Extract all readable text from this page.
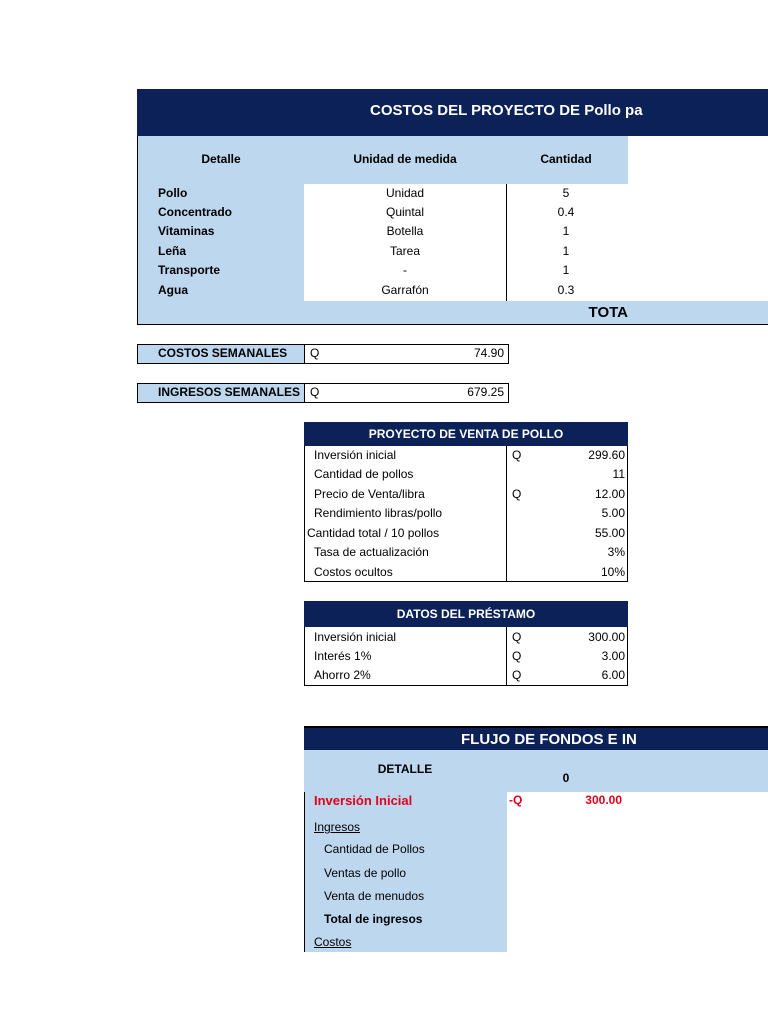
COSTOS DEL PROYECTO DE Pollo pa
Detalle	Unidad de medida	Cantidad
Pollo	Unidad	5
Concentrado	Quintal	0.4
Vitaminas	Botella	1
Leña	Tarea	1
Transporte	-	1
Agua	Garrafón	0.3
TOTA
COSTOS SEMANALES Q	74.90
INGRESOS SEMANALES Q	679.25
PROYECTO DE VENTA DE POLLO
Inversión inicial	Q	299.60
Cantidad de pollos	11
Precio de Venta/libra	Q	12.00
Rendimiento libras/pollo	5.00
Cantidad total / 10 pollos	55.00
Tasa de actualización	3%
Costos ocultos	10%
DATOS DEL PRÉSTAMO
Inversión inicial	Q	300.00
Interés 1%	Q	3.00
Ahorro 2%	Q	6.00
FLUJO DE FONDOS E IN
DETALLE
0
Inversión Inicial	-Q	300.00
Ingresos
Cantidad de Pollos
Ventas de pollo
Venta de menudos
Total de ingresos
Costos
